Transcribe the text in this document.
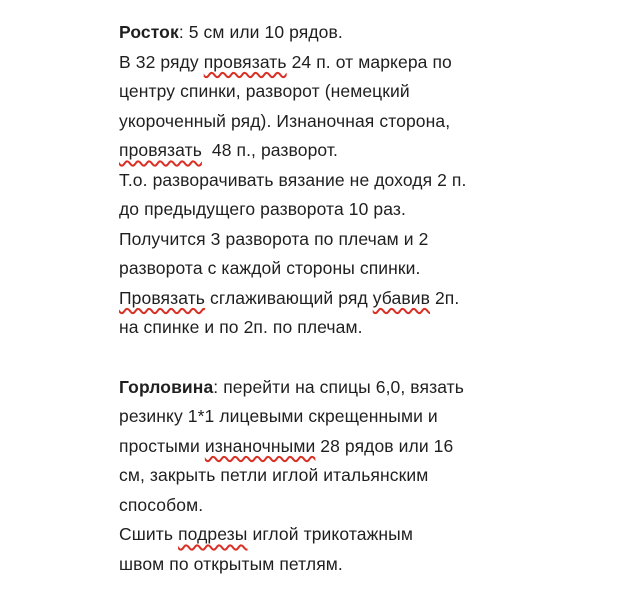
Росток: 5 см или 10 рядов.
В 32 ряду провязать 24 п. от маркера по
центру спинки, разворот (немецкий
укороченный ряд). Изнаночная сторона,
провязать  48 п., разворот.
Т.о. разворачивать вязание не доходя 2 п.
до предыдущего разворота 10 раз.
Получится 3 разворота по плечам и 2
разворота с каждой стороны спинки.
Провязать сглаживающий ряд убавив 2п.
на спинке и по 2п. по плечам.
Горловина: перейти на спицы 6,0, вязать
резинку 1*1 лицевыми скрещенными и
простыми изнаночными 28 рядов или 16
см, закрыть петли иглой итальянским
способом.
Сшить подрезы иглой трикотажным
швом по открытым петлям.
